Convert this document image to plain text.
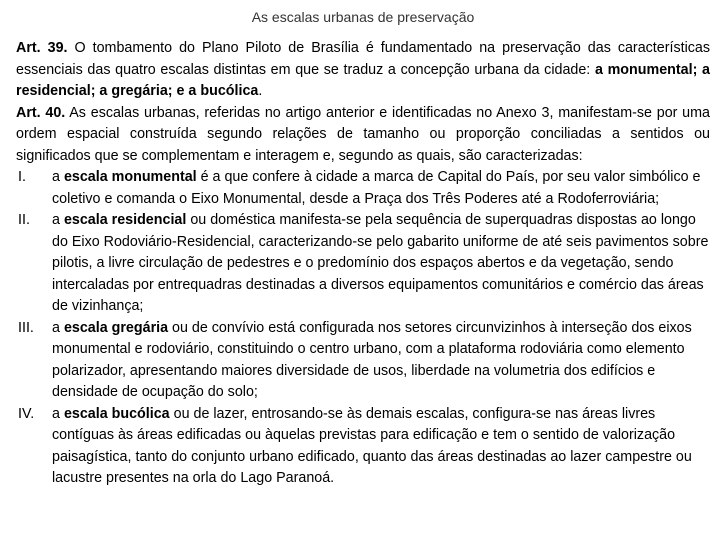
As escalas urbanas de preservação

Art. 39. O tombamento do Plano Piloto de Brasília é fundamentado na preservação das características essenciais das quatro escalas distintas em que se traduz a concepção urbana da cidade: a monumental; a residencial; a gregária; e a bucólica.

Art. 40. As escalas urbanas, referidas no artigo anterior e identificadas no Anexo 3, manifestam-se por uma ordem espacial construída segundo relações de tamanho ou proporção conciliadas a sentidos ou significados que se complementam e interagem e, segundo as quais, são caracterizadas:

I.	a escala monumental é a que confere à cidade a marca de Capital do País, por seu valor simbólico e coletivo e comanda o Eixo Monumental, desde a Praça dos Três Poderes até a Rodoferroviária;
II.	a escala residencial ou doméstica manifesta-se pela sequência de superquadras dispostas ao longo do Eixo Rodoviário-Residencial, caracterizando-se pelo gabarito uniforme de até seis pavimentos sobre pilotis, a livre circulação de pedestres e o predomínio dos espaços abertos e da vegetação, sendo intercaladas por entrequadras destinadas a diversos equipamentos comunitários e comércio das áreas de vizinhança;
III.	a escala gregária ou de convívio está configurada nos setores circunvizinhos à interseção dos eixos monumental e rodoviário, constituindo o centro urbano, com a plataforma rodoviária como elemento polarizador, apresentando maiores diversidade de usos, liberdade na volumetria dos edifícios e densidade de ocupação do solo;
IV.	a escala bucólica ou de lazer, entrosando-se às demais escalas, configura-se nas áreas livres contíguas às áreas edificadas ou àquelas previstas para edificação e tem o sentido de valorização paisagística, tanto do conjunto urbano edificado, quanto das áreas destinadas ao lazer campestre ou lacustre presentes na orla do Lago Paranoá.
